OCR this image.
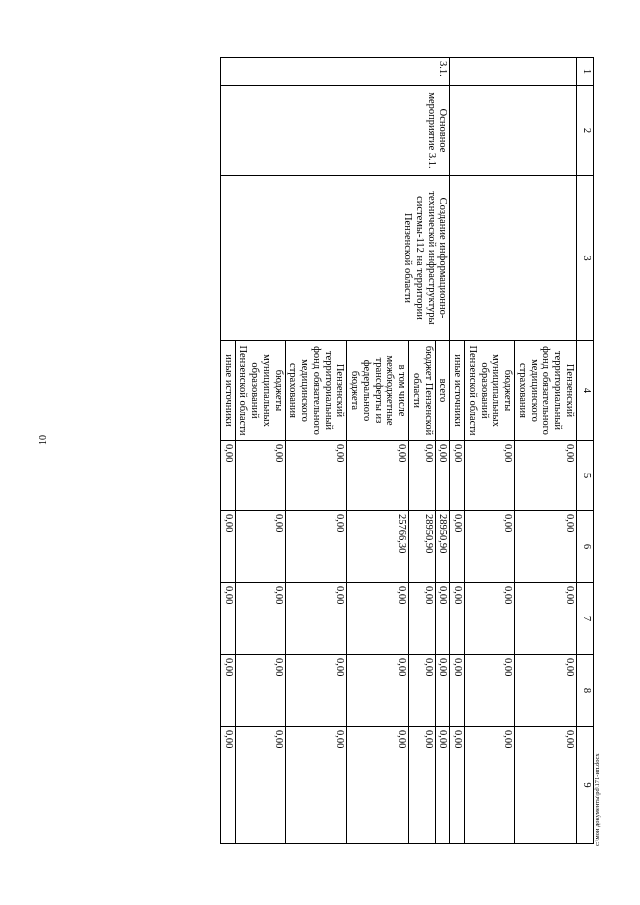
10
1	2	3	4	5	6	7	8	9
			Пензенский территориальный фонд обязательного медицинского страхования	0,00	0,00	0,00	0,00	0,00
			бюджеты муниципальных образований Пензенской области	0,00	0,00	0,00	0,00	0,00
			иные источники	0,00	0,00	0,00	0,00	0,00
3.1.	Основное мероприятие 3.1.	Создание информационно-технической инфраструктуры системы-112 на территории Пензенской области	всего	0,00	28950,90	0,00	0,00	0,00
			бюджет Пензенской области	0,00	28950,90	0,00	0,00	0,00
			в том числе межбюджетные трансферты из федерального бюджета	0,00	25766,30	0,00	0,00	0,00
			Пензенский территориальный фонд обязательного медицинского страхования	0,00	0,00	0,00	0,00	0,00
			бюджеты муниципальных образований Пензенской области	0,00	0,00	0,00	0,00	0,00
			иные источники	0,00	0,00	0,00	0,00	0,00
c:\мои документы\pd\171-ип.docx
